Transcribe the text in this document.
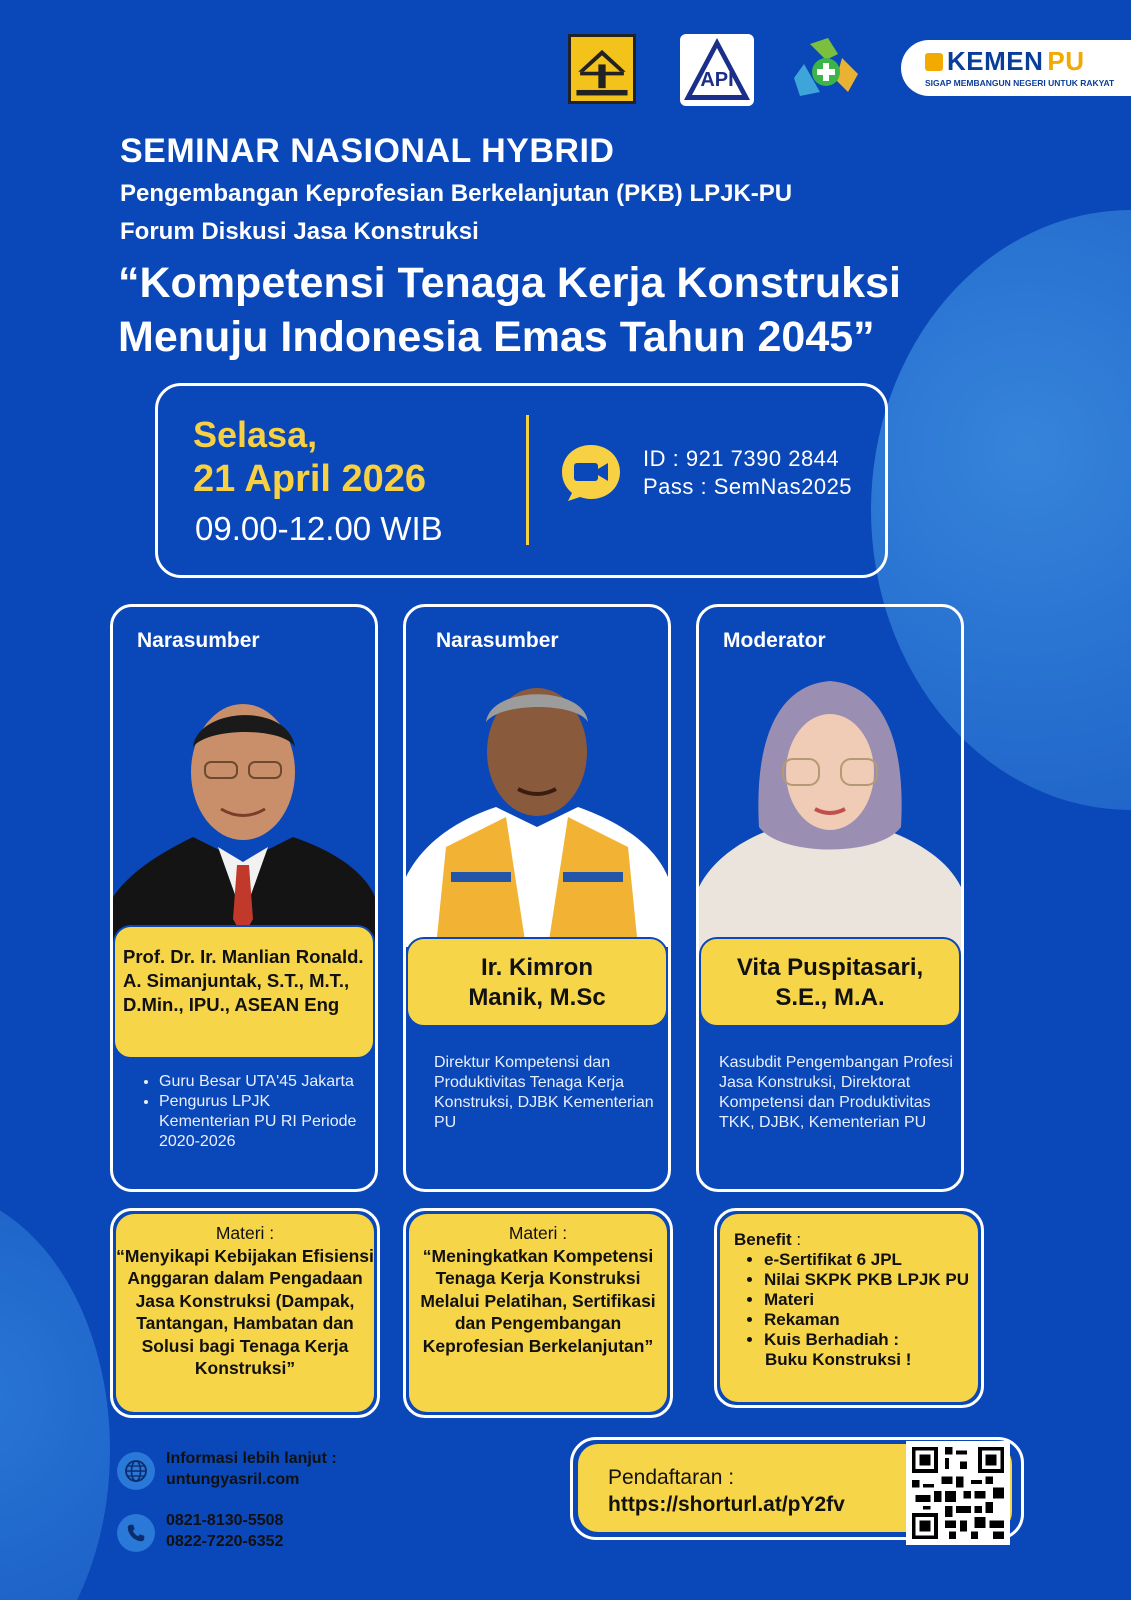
API
KEMEN PU
SIGAP MEMBANGUN NEGERI UNTUK RAKYAT
SEMINAR NASIONAL HYBRID
Pengembangan Keprofesian Berkelanjutan (PKB) LPJK-PU
Forum Diskusi Jasa Konstruksi
“Kompetensi Tenaga Kerja Konstruksi
Menuju Indonesia Emas Tahun 2045”
Selasa,
21 April 2026
09.00-12.00 WIB
ID : 921 7390 2844
Pass : SemNas2025
Narasumber
Prof. Dr. Ir. Manlian Ronald. A. Simanjuntak, S.T., M.T., D.Min., IPU., ASEAN Eng
• Guru Besar UTA'45 Jakarta
• Pengurus LPJK Kementerian PU RI Periode 2020-2026
Narasumber
Ir. Kimron
Manik, M.Sc
Direktur Kompetensi dan Produktivitas Tenaga Kerja Konstruksi, DJBK Kementerian PU
Moderator
Vita Puspitasari,
S.E., M.A.
Kasubdit Pengembangan Profesi Jasa Konstruksi, Direktorat Kompetensi dan Produktivitas TKK, DJBK, Kementerian PU
Materi :
“Menyikapi Kebijakan Efisiensi Anggaran dalam Pengadaan Jasa Konstruksi (Dampak, Tantangan, Hambatan dan Solusi bagi Tenaga Kerja Konstruksi”
Materi :
“Meningkatkan Kompetensi Tenaga Kerja Konstruksi Melalui Pelatihan, Sertifikasi dan Pengembangan Keprofesian Berkelanjutan”
Benefit :
• e-Sertifikat 6 JPL
• Nilai SKPK PKB LPJK PU
• Materi
• Rekaman
• Kuis Berhadiah :
Buku Konstruksi !
Informasi lebih lanjut :
untungyasril.com
0821-8130-5508
0822-7220-6352
Pendaftaran :
https://shorturl.at/pY2fv
